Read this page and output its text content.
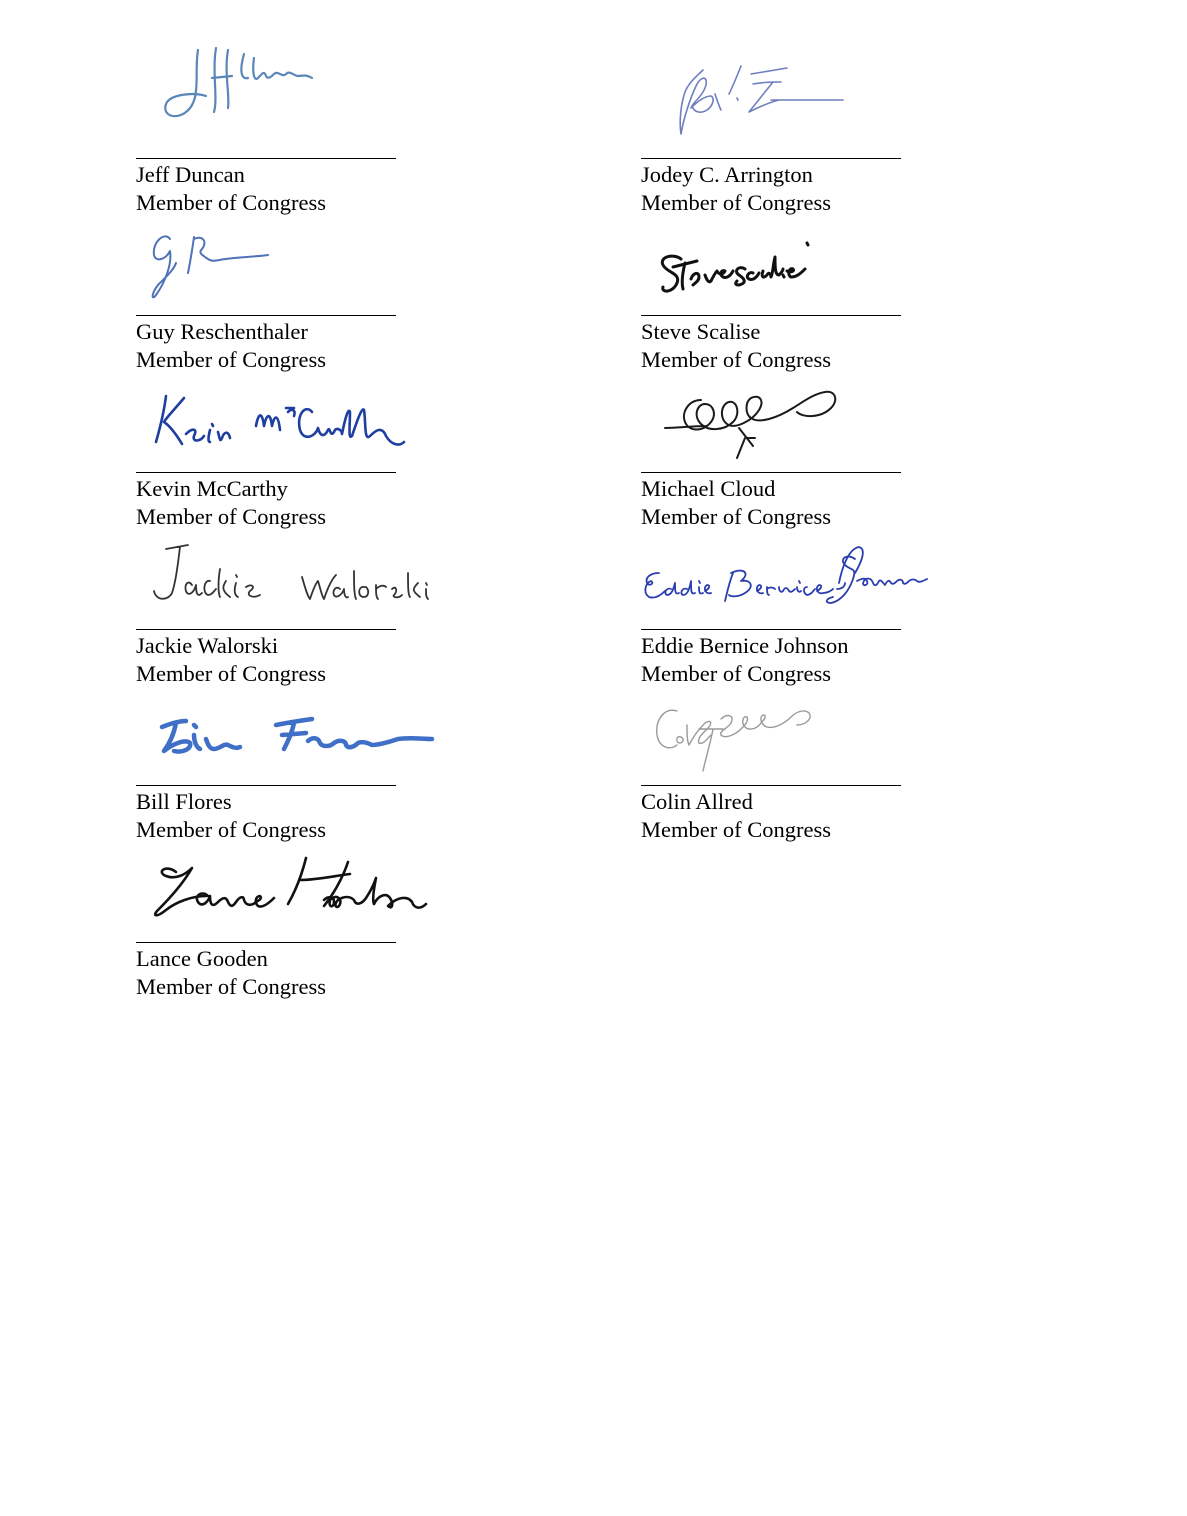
Jeff Duncan
Member of Congress
Guy Reschenthaler
Member of Congress
Kevin McCarthy
Member of Congress
Jackie Walorski
Member of Congress
Bill Flores
Member of Congress
Lance Gooden
Member of Congress
Jodey C. Arrington
Member of Congress
Steve Scalise
Member of Congress
Michael Cloud
Member of Congress
Eddie Bernice Johnson
Member of Congress
Colin Allred
Member of Congress
